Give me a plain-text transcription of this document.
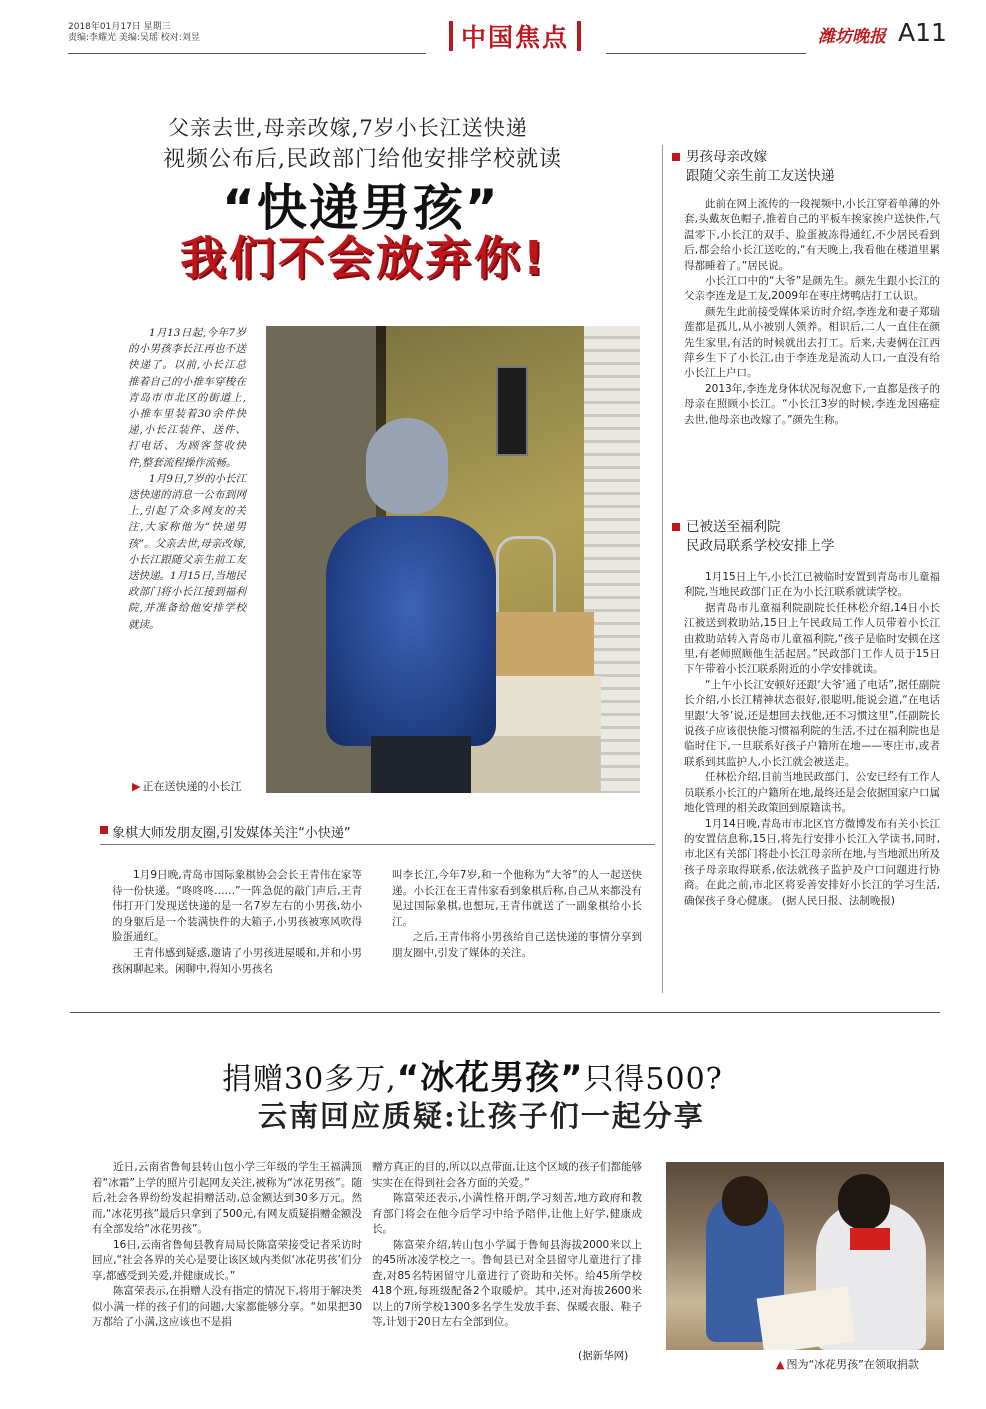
2018年01月17日 星期三
责编:李耀光 美编:吴瑶 校对:刘昱	中国焦点	潍坊晚报 A11
父亲去世,母亲改嫁,7岁小长江送快递
视频公布后,民政部门给他安排学校就读
“快递男孩”
我们不会放弃你!

1月13日起,今年7岁的小男孩李长江再也不送快递了。以前,小长江总推着自己的小推车穿梭在青岛市市北区的街道上,小推车里装着30余件快递,小长江装件、送件、打电话、为顾客签收快件,整套流程操作流畅。

1月9日,7岁的小长江送快递的消息一公布到网上,引起了众多网友的关注,大家称他为“快递男孩”。父亲去世,母亲改嫁,小长江跟随父亲生前工友送快递。1月15日,当地民政部门将小长江接到福利院,并准备给他安排学校就读。

▶ 正在送快递的小长江
男孩母亲改嫁
跟随父亲生前工友送快递

此前在网上流传的一段视频中,小长江穿着单薄的外套,头戴灰色帽子,推着自己的平板车挨家挨户送快件,气温零下,小长江的双手、脸蛋被冻得通红,不少居民看到后,都会给小长江送吃的,“有天晚上,我看他在楼道里累得都睡着了。”居民说。

小长江口中的“大爷”是颜先生。颜先生跟小长江的父亲李连龙是工友,2009年在枣庄烤鸭店打工认识。

颜先生此前接受媒体采访时介绍,李连龙和妻子郑瑞莲都是孤儿,从小被别人领养。相识后,二人一直住在颜先生家里,有活的时候就出去打工。后来,夫妻俩在江西萍乡生下了小长江,由于李连龙是流动人口,一直没有给小长江上户口。

2013年,李连龙身体状况每况愈下,一直都是孩子的母亲在照顾小长江。“小长江3岁的时候,李连龙因癌症去世,他母亲也改嫁了。”颜先生称。

已被送至福利院
民政局联系学校安排上学

1月15日上午,小长江已被临时安置到青岛市儿童福利院,当地民政部门正在为小长江联系就读学校。

据青岛市儿童福利院副院长任林松介绍,14日小长江被送到救助站,15日上午民政局工作人员带着小长江由救助站转入青岛市儿童福利院,“孩子是临时安顿在这里,有老师照顾他生活起居。”民政部门工作人员于15日下午带着小长江联系附近的小学安排就读。

“上午小长江安顿好还跟‘大爷’通了电话”,据任副院长介绍,小长江精神状态很好,很聪明,能说会道,“在电话里跟‘大爷’说,还是想回去找他,还不习惯这里”,任副院长说孩子应该很快能习惯福利院的生活,不过在福利院也是临时住下,一旦联系好孩子户籍所在地——枣庄市,或者联系到其监护人,小长江就会被送走。

任林松介绍,目前当地民政部门、公安已经有工作人员联系小长江的户籍所在地,最终还是会依据国家户口属地化管理的相关政策回到原籍读书。

1月14日晚,青岛市市北区官方微博发布有关小长江的安置信息称,15日,将先行安排小长江入学读书,同时,市北区有关部门将赴小长江母亲所在地,与当地派出所及孩子母亲取得联系,依法就孩子监护及户口问题进行协商。在此之前,市北区将妥善安排好小长江的学习生活,确保孩子身心健康。 (据人民日报、法制晚报)

象棋大师发朋友圈,引发媒体关注“小快递”

1月9日晚,青岛市国际象棋协会会长王青伟在家等待一份快递。“咚咚咚……”一阵急促的敲门声后,王青伟打开门发现送快递的是一名7岁左右的小男孩,幼小的身躯后是一个装满快件的大箱子,小男孩被寒风吹得脸蛋通红。

王青伟感到疑惑,邀请了小男孩进屋暖和,并和小男孩闲聊起来。闲聊中,得知小男孩名

叫李长江,今年7岁,和一个他称为“大爷”的人一起送快递。小长江在王青伟家看到象棋后称,自己从来都没有见过国际象棋,也想玩,王青伟就送了一副象棋给小长江。

之后,王青伟将小男孩给自己送快递的事情分享到朋友圈中,引发了媒体的关注。

捐赠30多万,“冰花男孩”只得500?
云南回应质疑:让孩子们一起分享

近日,云南省鲁甸县转山包小学三年级的学生王福满顶着“冰霜”上学的照片引起网友关注,被称为“冰花男孩”。随后,社会各界纷纷发起捐赠活动,总金额达到30多万元。然而,“冰花男孩”最后只拿到了500元,有网友质疑捐赠金额没有全部发给“冰花男孩”。

16日,云南省鲁甸县教育局局长陈富荣接受记者采访时回应,“社会各界的关心是要让该区域内类似‘冰花男孩’们分享,都感受到关爱,并健康成长。”

陈富荣表示,在捐赠人没有指定的情况下,将用于解决类似小满一样的孩子们的问题,大家都能够分享。“如果把30万都给了小满,这应该也不是捐

赠方真正的目的,所以以点带面,让这个区域的孩子们都能够实实在在得到社会各方面的关爱。”

陈富荣还表示,小满性格开朗,学习刻苦,地方政府和教育部门将会在他今后学习中给予陪伴,让他上好学,健康成长。

陈富荣介绍,转山包小学属于鲁甸县海拔2000米以上的45所冰凌学校之一。鲁甸县已对全县留守儿童进行了排查,对85名特困留守儿童进行了资助和关怀。给45所学校418个班,每班级配备2个取暖炉。其中,还对海拔2600米以上的7所学校1300多名学生发放手套、保暖衣服、鞋子等,计划于20日左右全部到位。

(据新华网)
▲ 图为“冰花男孩”在领取捐款
